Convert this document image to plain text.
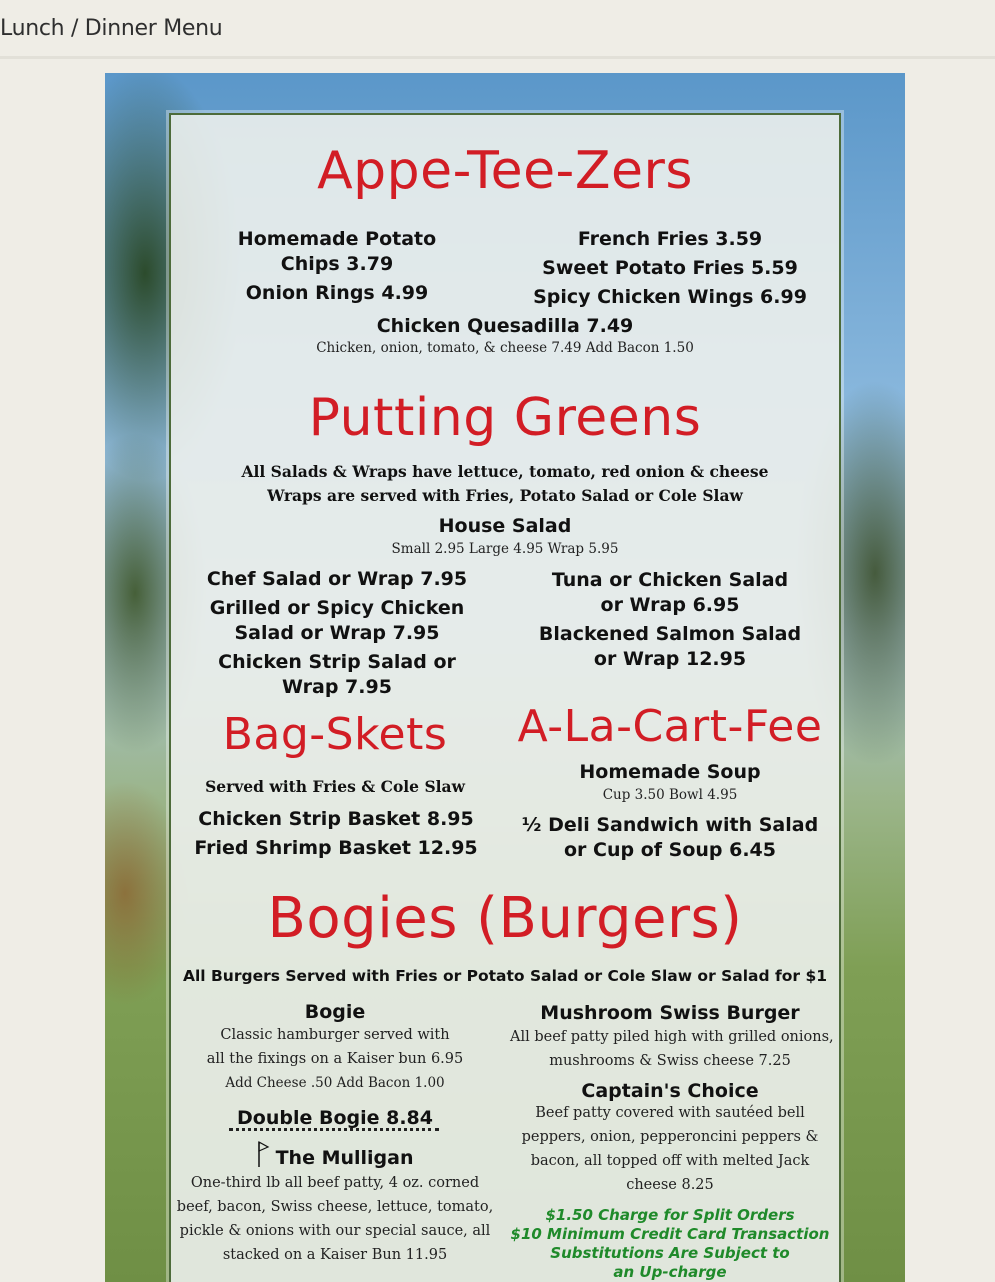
Lunch / Dinner Menu
Appe-Tee-Zers
Homemade Potato
Chips 3.79
Onion Rings 4.99
French Fries 3.59
Sweet Potato Fries 5.59
Spicy Chicken Wings 6.99
Chicken Quesadilla 7.49
Chicken, onion, tomato, & cheese 7.49 Add Bacon 1.50
Putting Greens
All Salads & Wraps have lettuce, tomato, red onion & cheese
Wraps are served with Fries, Potato Salad or Cole Slaw
House Salad
Small 2.95 Large 4.95 Wrap 5.95
Chef Salad or Wrap 7.95
Grilled or Spicy Chicken
Salad or Wrap 7.95
Chicken Strip Salad or
Wrap 7.95
Tuna or Chicken Salad
or Wrap 6.95
Blackened Salmon Salad
or Wrap 12.95
Bag-Skets
Served with Fries & Cole Slaw
Chicken Strip Basket 8.95
Fried Shrimp Basket 12.95
A-La-Cart-Fee
Homemade Soup
Cup 3.50 Bowl 4.95
½ Deli Sandwich with Salad
or Cup of Soup 6.45
Bogies (Burgers)
All Burgers Served with Fries or Potato Salad or Cole Slaw or Salad for $1
Bogie
Classic hamburger served with
all the fixings on a Kaiser bun 6.95
Add Cheese .50 Add Bacon 1.00
Double Bogie 8.84
The Mulligan
One-third lb all beef patty, 4 oz. corned
beef, bacon, Swiss cheese, lettuce, tomato,
pickle & onions with our special sauce, all
stacked on a Kaiser Bun 11.95
Mushroom Swiss Burger
All beef patty piled high with grilled onions,
mushrooms & Swiss cheese 7.25
Captain's Choice
Beef patty covered with sautéed bell
peppers, onion, pepperoncini peppers &
bacon, all topped off with melted Jack
cheese 8.25
$1.50 Charge for Split Orders
$10 Minimum Credit Card Transaction
Substitutions Are Subject to
an Up-charge
